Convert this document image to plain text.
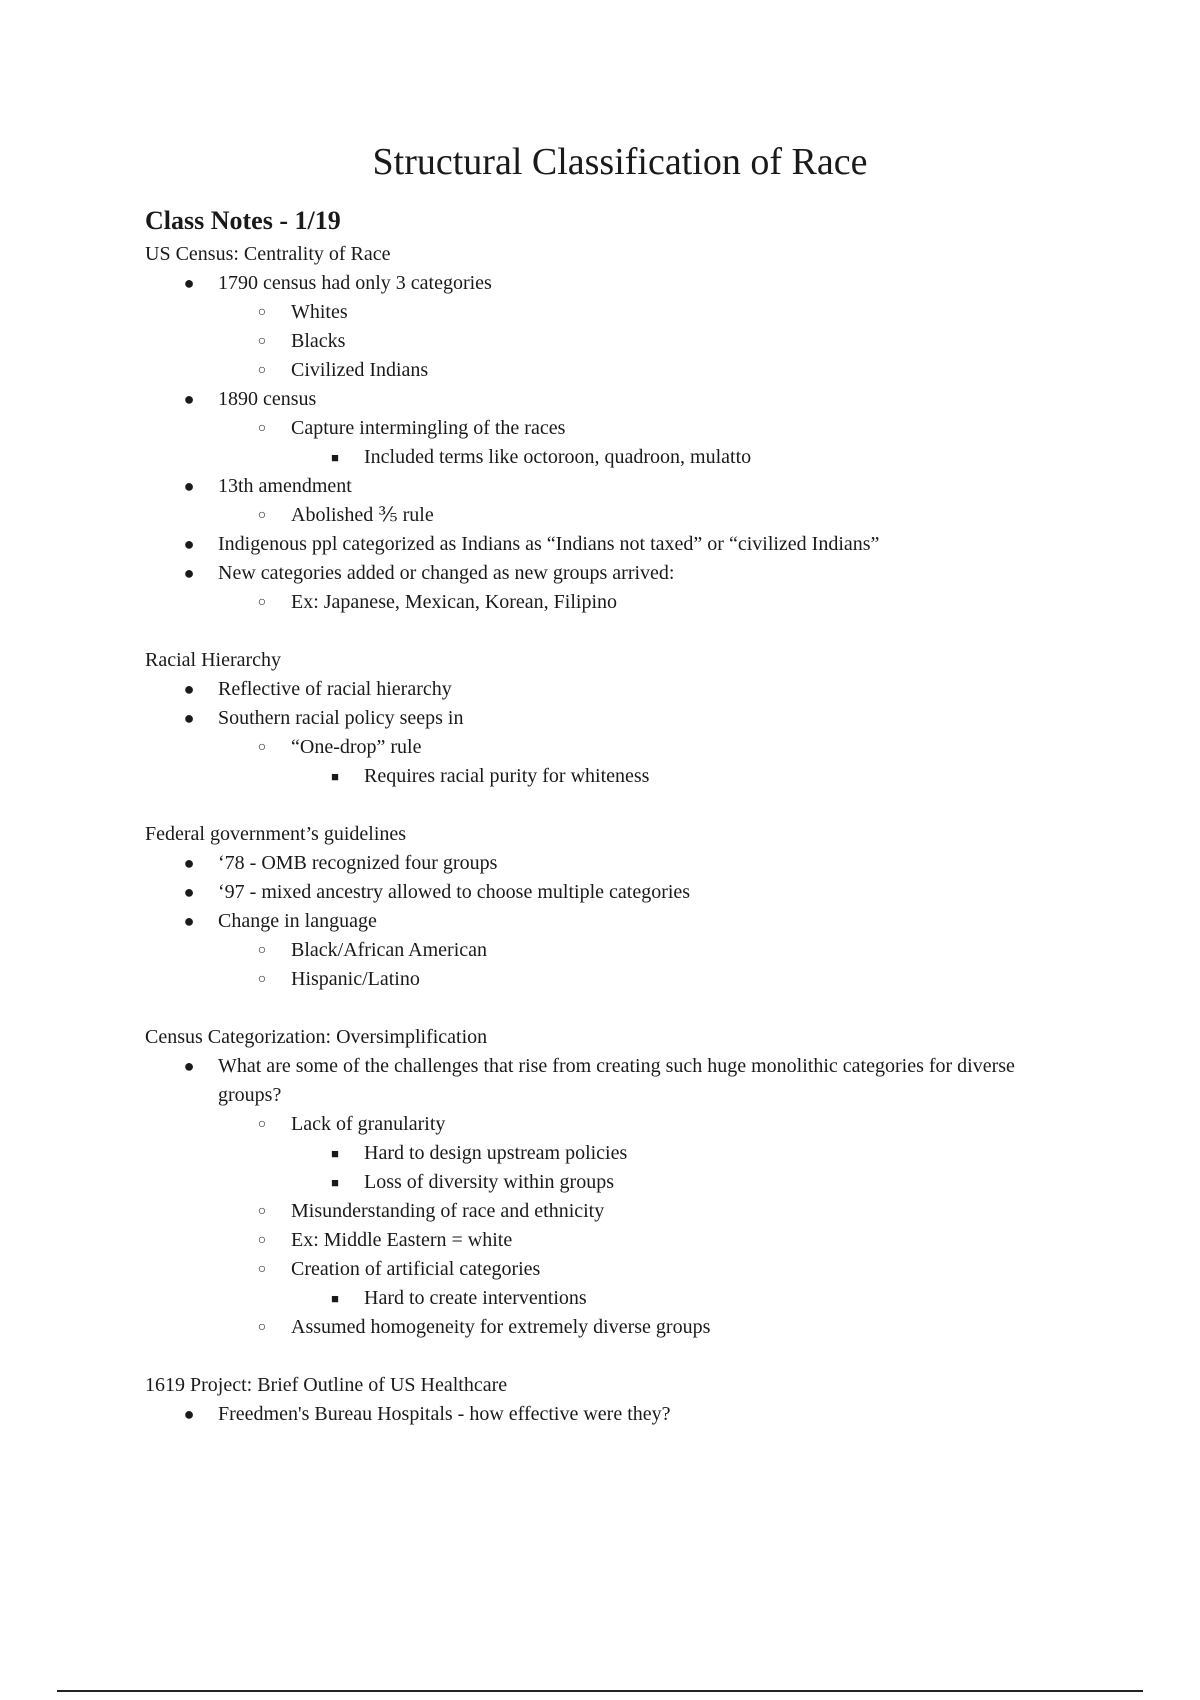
Structural Classification of Race
Class Notes - 1/19

US Census: Centrality of Race

● 1790 census had only 3 categories
○ Whites
○ Blacks
○ Civilized Indians
● 1890 census
○ Capture intermingling of the races
■	Included terms like octoroon, quadroon, mulatto
● 13th amendment
○ Abolished ⅗ rule
● Indigenous ppl categorized as Indians as “Indians not taxed” or “civilized Indians”
● New categories added or changed as new groups arrived:
○ Ex: Japanese, Mexican, Korean, Filipino

Racial Hierarchy

● Reflective of racial hierarchy
● Southern racial policy seeps in
○ “One-drop” rule
■	Requires racial purity for whiteness

Federal government’s guidelines

● ‘78 - OMB recognized four groups
● ‘97 - mixed ancestry allowed to choose multiple categories
● Change in language
○ Black/African American
○ Hispanic/Latino

Census Categorization: Oversimplification

● What are some of the challenges that rise from creating such huge monolithic categories for diverse groups?
○ Lack of granularity
■	Hard to design upstream policies
■	Loss of diversity within groups
○ Misunderstanding of race and ethnicity
○ Ex: Middle Eastern = white
○ Creation of artificial categories
■	Hard to create interventions
○ Assumed homogeneity for extremely diverse groups

1619 Project: Brief Outline of US Healthcare

● Freedmen's Bureau Hospitals - how effective were they?
